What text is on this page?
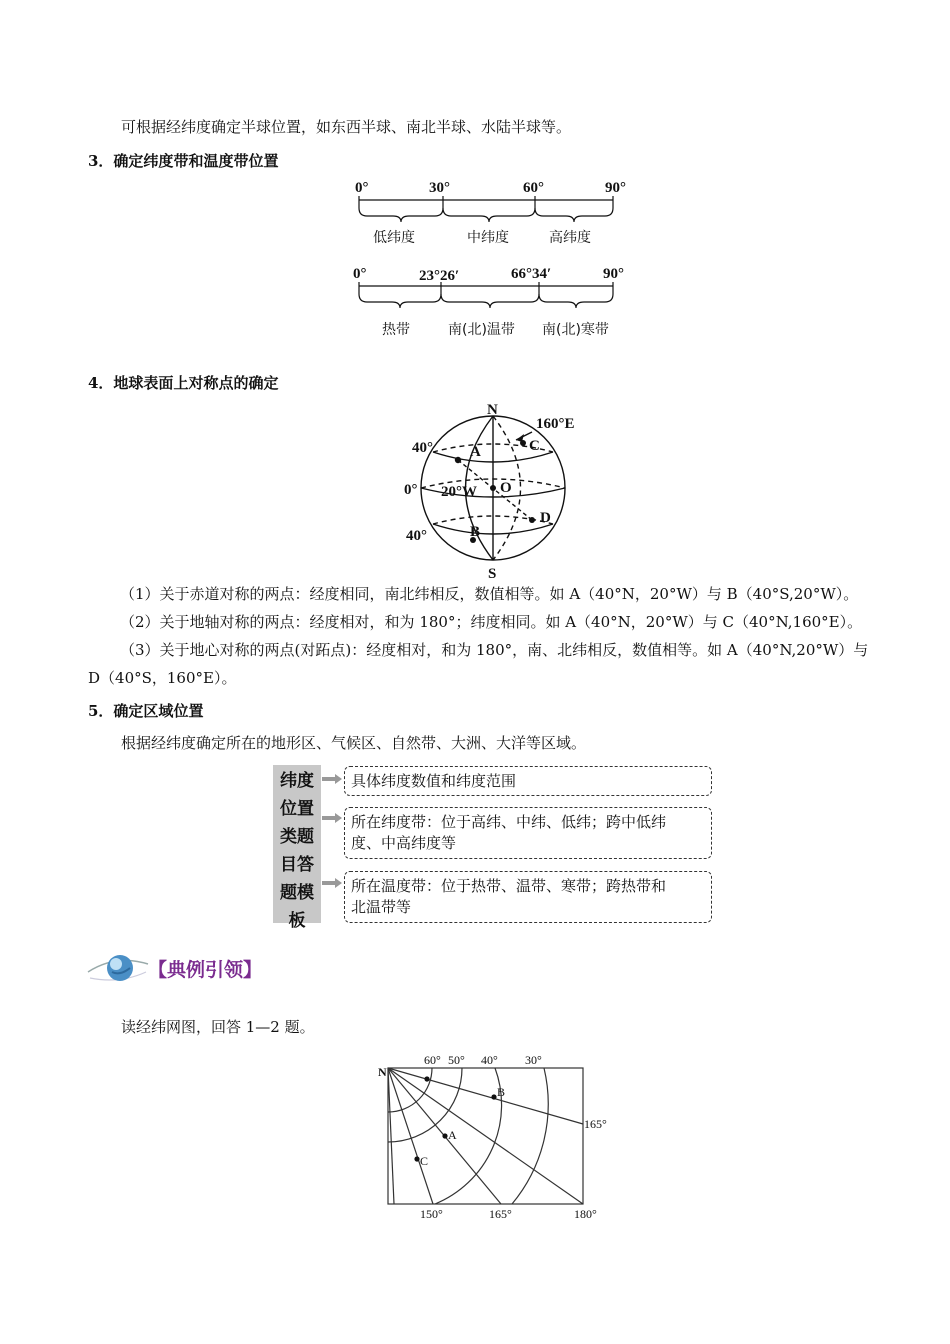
可根据经纬度确定半球位置，如东西半球、南北半球、水陆半球等。
3．确定纬度带和温度带位置
0°	30°	60°	90°
低纬度	中纬度	高纬度
0°	23°26′	66°34′	90°
热带	南(北)温带 南(北)寒带
4．地球表面上对称点的确定
N
S
O
160°E
40°
0°
40°
20°W
A
B
C
D
（1）关于赤道对称的两点：经度相同，南北纬相反，数值相等。如 A（40°N，20°W）与 B（40°S,20°W）。
（2）关于地轴对称的两点：经度相对，和为 180°；纬度相同。如 A（40°N，20°W）与 C（40°N,160°E）。
（3）关于地心对称的两点(对跖点)：经度相对，和为 180°，南、北纬相反，数值相等。如 A（40°N,20°W）与
D（40°S，160°E）。
5．确定区域位置
根据经纬度确定所在的地形区、气候区、自然带、大洲、大洋等区域。
纬度
位置
类题
目答
题模
板
具体纬度数值和纬度范围
所在纬度带：位于高纬、中纬、低纬；跨中低纬
度、中高纬度等
所在温度带：位于热带、温带、寒带；跨热带和
北温带等
【典例引领】
读经纬网图，回答 1—2 题。
60° 50° 40° 30°
165°
150°	165°	180°
N
B
A
C
